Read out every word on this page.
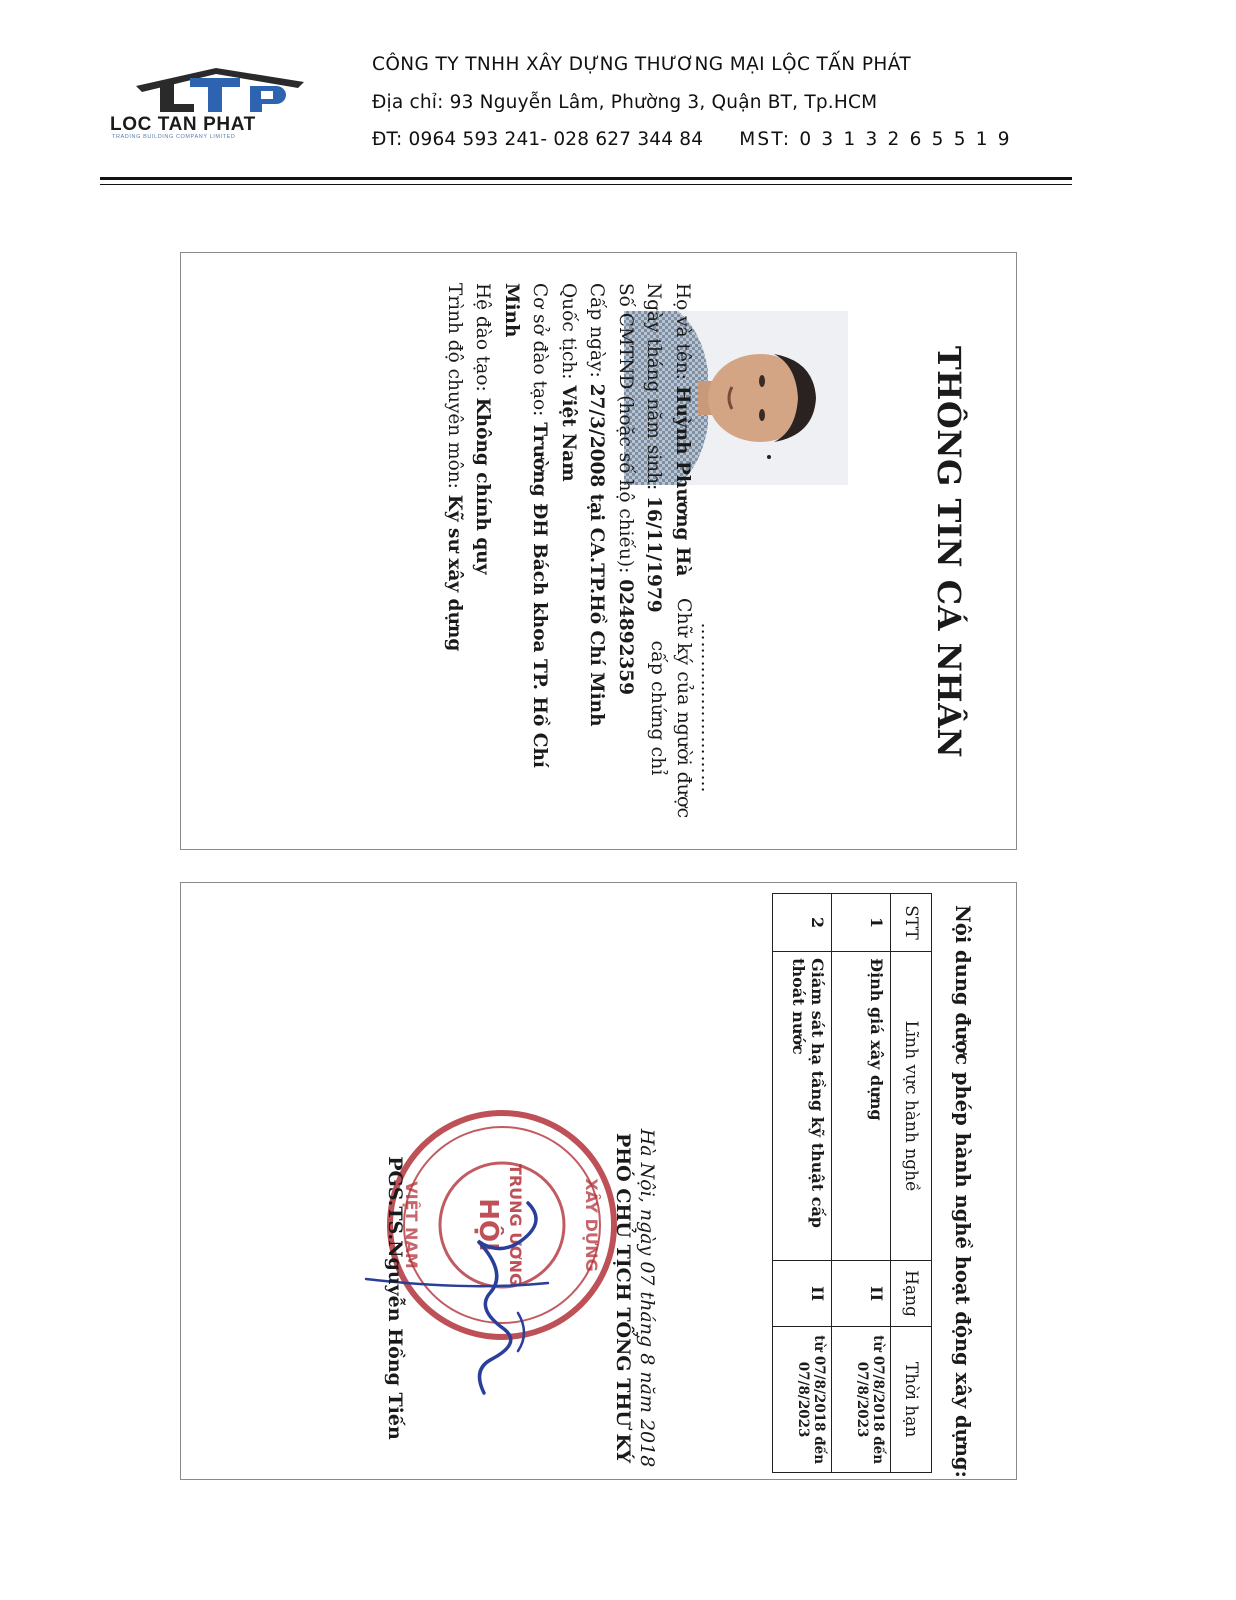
LOC TAN PHAT
TRADING BUILDING COMPANY LIMITED
CÔNG TY TNHH XÂY DỰNG THƯƠNG MẠI LỘC TẤN PHÁT
Địa chỉ: 93 Nguyễn Lâm, Phường 3, Quận BT, Tp.HCM
ĐT: 0964 593 241- 028 627 344 84 MST: 0 3 1 3 2 6 5 5 1 9
THÔNG TIN CÁ NHÂN
………………………
Chữ ký của người được cấp chứng chỉ
Họ và tên: Huỳnh Phương Hà
Ngày tháng năm sinh: 16/11/1979
Số CMTND (hoặc số hộ chiếu): 024892359
Cấp ngày: 27/3/2008 tại CA.TP.Hồ Chí Minh
Quốc tịch: Việt Nam
Cơ sở đào tạo: Trường ĐH Bách khoa TP. Hồ Chí Minh
Hệ đào tạo: Không chính quy
Trình độ chuyên môn: Kỹ sư xây dựng
Nội dung được phép hành nghề hoạt động xây dựng:
STT	Lĩnh vực hành nghề	Hạng	Thời hạn
1	Định giá xây dựng	II	từ 07/8/2018 đến 07/8/2023
2	Giám sát hạ tầng kỹ thuật cấp thoát nước	II	từ 07/8/2018 đến 07/8/2023
TRUNG ƯƠNG
HỘI	XÂY DỰNG
VIỆT NAM	Hà Nội, ngày 07 tháng 8 năm 2018
PHÓ CHỦ TỊCH TỔNG THƯ KÝ
PGS.TS.Nguyễn Hồng Tiến
